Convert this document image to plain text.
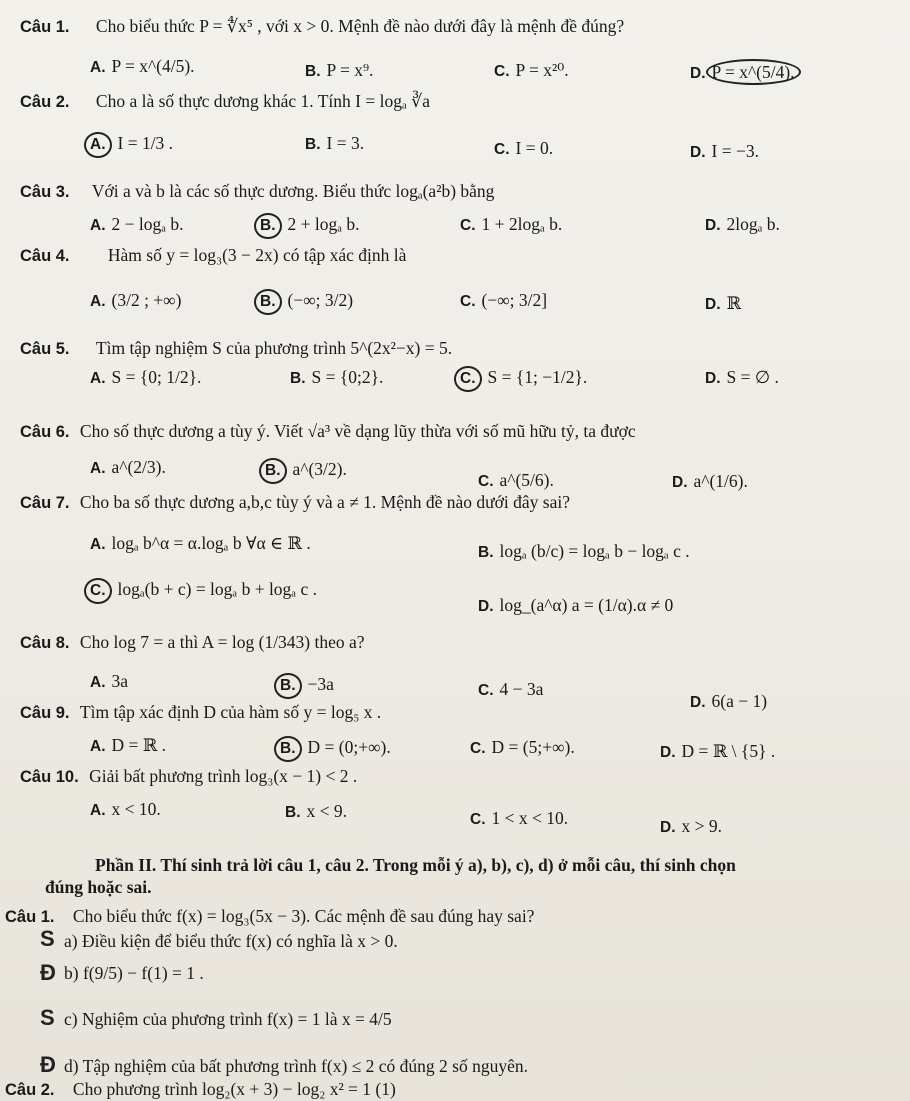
Câu 1. Cho biểu thức P = ∜x⁵ , với x > 0. Mệnh đề nào dưới đây là mệnh đề đúng?
A. P = x^(4/5).	B. P = x⁹.	C. P = x²⁰.	D. P = x^(5/4).
Câu 2. Cho a là số thực dương khác 1. Tính I = logₐ ∛a
A. I = 1/3 .	B. I = 3.	C. I = 0.	D. I = −3.
Câu 3. Với a và b là các số thực dương. Biểu thức logₐ(a²b) bằng
A. 2 − logₐ b.	B. 2 + logₐ b.	C. 1 + 2logₐ b.	D. 2logₐ b.
Câu 4. Hàm số y = log₃(3 − 2x) có tập xác định là
A. (3/2 ; +∞)	B. (−∞; 3/2)	C. (−∞; 3/2]	D. ℝ
Câu 5. Tìm tập nghiệm S của phương trình 5^(2x²−x) = 5.
A. S = {0; 1/2}.	B. S = {0;2}.	C. S = {1; −1/2}.	D. S = ∅ .
Câu 6. Cho số thực dương a tùy ý. Viết √a³ về dạng lũy thừa với số mũ hữu tỷ, ta được
A. a^(2/3).	B. a^(3/2).
C. a^(5/6).	D. a^(1/6).
Câu 7. Cho ba số thực dương a,b,c tùy ý và a ≠ 1. Mệnh đề nào dưới đây sai?
A. logₐ b^α = α.logₐ b ∀α ∈ ℝ .	B. logₐ (b/c) = logₐ b − logₐ c .
C. logₐ(b + c) = logₐ b + logₐ c .
D. log_(a^α) a = (1/α).α ≠ 0
Câu 8. Cho log 7 = a thì A = log (1/343) theo a?
A. 3a	B. −3a	C. 4 − 3a
D. 6(a − 1)
Câu 9. Tìm tập xác định D của hàm số y = log₅ x .
A. D = ℝ .	B. D = (0;+∞).	C. D = (5;+∞).	D. D = ℝ \ {5} .
Câu 10. Giải bất phương trình log₃(x − 1) < 2 .
A. x < 10.	B. x < 9.	C. 1 < x < 10.	D. x > 9.
Phần II. Thí sinh trả lời câu 1, câu 2. Trong mỗi ý a), b), c), d) ở mỗi câu, thí sinh chọn
đúng hoặc sai.
Câu 1. Cho biểu thức f(x) = log₃(5x − 3). Các mệnh đề sau đúng hay sai?
S a) Điều kiện để biểu thức f(x) có nghĩa là x > 0.
Đ b) f(9/5) − f(1) = 1 .
S c) Nghiệm của phương trình f(x) = 1 là x = 4/5
Đ d) Tập nghiệm của bất phương trình f(x) ≤ 2 có đúng 2 số nguyên.
Câu 2. Cho phương trình log₂(x + 3) − log₂ x² = 1 (1)
